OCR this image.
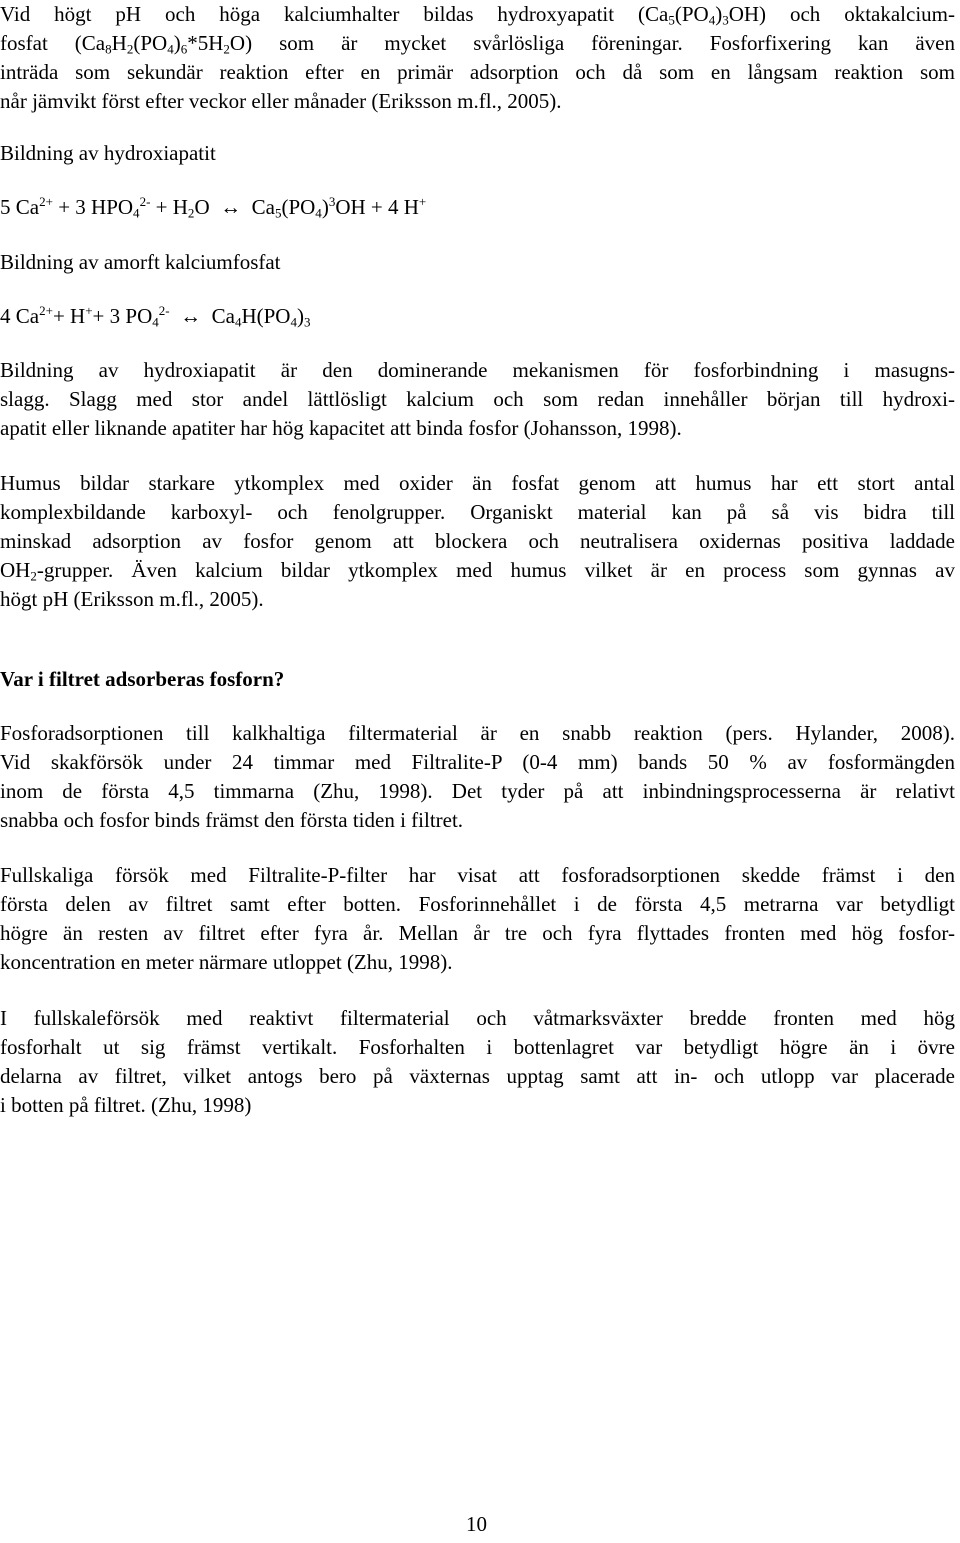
Vid högt pH och höga kalciumhalter bildas hydroxyapatit $(Ca_5(PO_4)_3OH)$ och oktakalcium-
fosfat $(Ca_8H_2(PO_4)_6*5H_2O)$ som är mycket svårlösliga föreningar. Fosforfixering kan även
inträda som sekundär reaktion efter en primär adsorption och då som en långsam reaktion som
når jämvikt först efter veckor eller månader (Eriksson m.fl., 2005).

Bildning av hydroxiapatit

5 $Ca^{2+} + 3$ $HPO_4^{2-} + H_2O$  ↔  $Ca_5(PO_4)^3OH + 4$ H+

Bildning av amorft kalciumfosfat

4 $Ca^{2+}+ H^++ 3$ $PO_4^{2-}$ ↔  $Ca_4H(PO_4)_3$

Bildning av hydroxiapatit är den dominerande mekanismen för fosforbindning i masugns-
slagg. Slagg med stor andel lättlösligt kalcium och som redan innehåller början till hydroxi-
apatit eller liknande apatiter har hög kapacitet att binda fosfor (Johansson, 1998).

Humus bildar starkare ytkomplex med oxider än fosfat genom att humus har ett stort antal
komplexbildande karboxyl- och fenolgrupper. Organiskt material kan på så vis bidra till
minskad adsorption av fosfor genom att blockera och neutralisera oxidernas positiva laddade
$OH_2$-grupper. Även kalcium bildar ytkomplex med humus vilket är en process som gynnas av
högt pH (Eriksson m.fl., 2005).

Var i filtret adsorberas fosforn?

Fosforadsorptionen till kalkhaltiga filtermaterial är en snabb reaktion (pers. Hylander, 2008).
Vid skakförsök under 24 timmar med Filtralite-P (0-4 mm) bands 50 % av fosformängden
inom de första 4,5 timmarna (Zhu, 1998). Det tyder på att inbindningsprocesserna är relativt
snabba och fosfor binds främst den första tiden i filtret.

Fullskaliga försök med Filtralite-P-filter har visat att fosforadsorptionen skedde främst i den
första delen av filtret samt efter botten. Fosforinnehållet i de första 4,5 metrarna var betydligt
högre än resten av filtret efter fyra år. Mellan år tre och fyra flyttades fronten med hög fosfor-
koncentration en meter närmare utloppet (Zhu, 1998).

I fullskaleförsök med reaktivt filtermaterial och våtmarksväxter bredde fronten med hög
fosforhalt ut sig främst vertikalt. Fosforhalten i bottenlagret var betydligt högre än i övre
delarna av filtret, vilket antogs bero på växternas upptag samt att in- och utlopp var placerade
i botten på filtret. (Zhu, 1998)

10
